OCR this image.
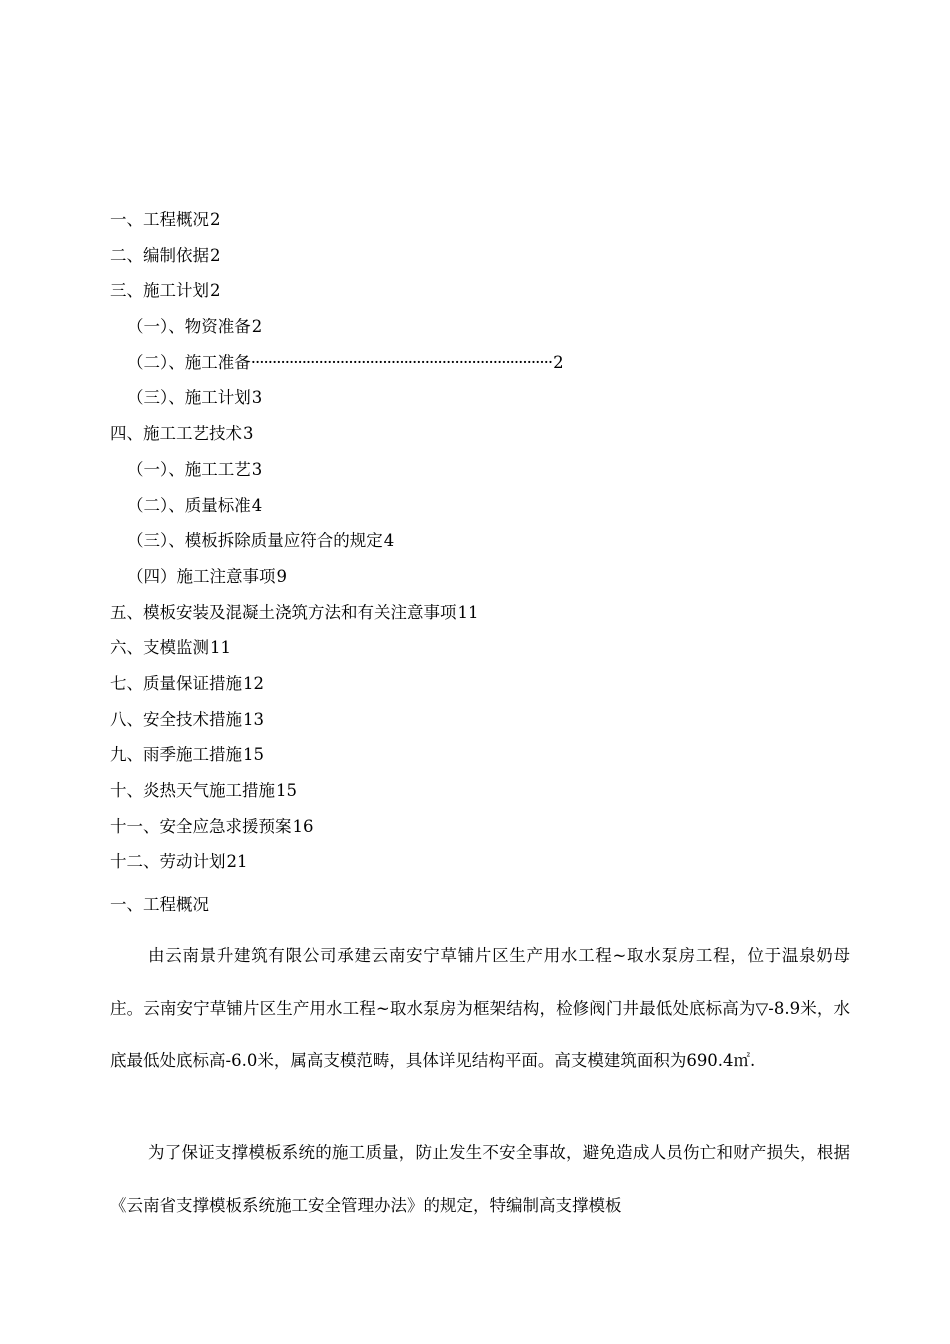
一、工程概况2
二、编制依据2
三、施工计划2
（一）、物资准备2
（二）、施工准备·······································································2
（三）、施工计划3
四、施工工艺技术3
（一）、施工工艺3
（二）、质量标准4
（三）、模板拆除质量应符合的规定4
（四）施工注意事项9
五、模板安装及混凝土浇筑方法和有关注意事项11
六、支模监测11
七、质量保证措施12
八、安全技术措施13
九、雨季施工措施15
十、炎热天气施工措施15
十一、安全应急求援预案16
十二、劳动计划21
一、工程概况

由云南景升建筑有限公司承建云南安宁草铺片区生产用水工程~取水泵房工程，位于温泉奶母庄。云南安宁草铺片区生产用水工程~取水泵房为框架结构，检修阀门井最低处底标高为▽-8.9米，水底最低处底标高-6.0米，属高支模范畴，具体详见结构平面。高支模建筑面积为690.4㎡.

为了保证支撑模板系统的施工质量，防止发生不安全事故，避免造成人员伤亡和财产损失，根据《云南省支撑模板系统施工安全管理办法》的规定，特编制高支撑模板
